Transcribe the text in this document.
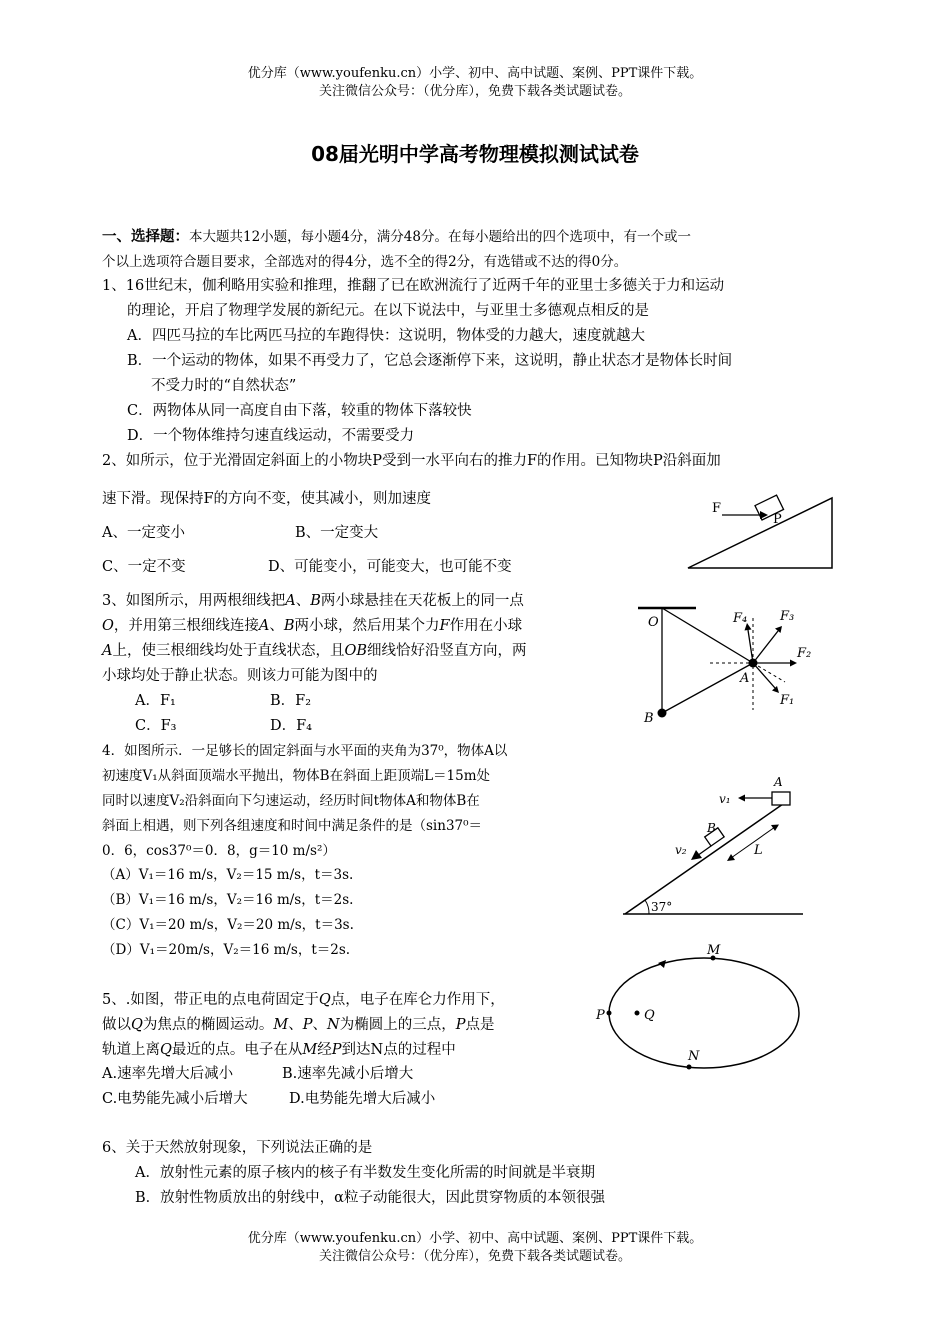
优分库（www.youfenku.cn）小学、初中、高中试题、案例、PPT课件下载。
关注微信公众号：（优分库），免费下载各类试题试卷。
08届光明中学高考物理模拟测试试卷
一、选择题：本大题共12小题，每小题4分，满分48分。在每小题给出的四个选项中，有一个或一
个以上选项符合题目要求，全部选对的得4分，选不全的得2分，有选错或不达的得0分。
1、16世纪末，伽利略用实验和推理，推翻了已在欧洲流行了近两千年的亚里士多德关于力和运动
的理论，开启了物理学发展的新纪元。在以下说法中，与亚里士多德观点相反的是
A．四匹马拉的车比两匹马拉的车跑得快：这说明，物体受的力越大，速度就越大
B．一个运动的物体，如果不再受力了，它总会逐渐停下来，这说明，静止状态才是物体长时间
不受力时的“自然状态”
C．两物体从同一高度自由下落，较重的物体下落较快
D．一个物体维持匀速直线运动，不需要受力
2、如所示，位于光滑固定斜面上的小物块P受到一水平向右的推力F的作用。已知物块P沿斜面加
速下滑。现保持F的方向不变，使其减小，则加速度
A、一定变小	B、一定变大
C、一定不变	D、可能变小，可能变大，也可能不变
P
F
3、如图所示，用两根细线把A、B两小球悬挂在天花板上的同一点
O，并用第三根细线连接A、B两小球，然后用某个力F作用在小球
A上，使三根细线均处于直线状态，且OB细线恰好沿竖直方向，两
小球均处于静止状态。则该力可能为图中的
A．F₁	B．F₂
C．F₃	D．F₄
O
A
B
F₄	F₃
F₂
F₁
4．如图所示．一足够长的固定斜面与水平面的夹角为37⁰，物体A以
初速度V₁从斜面顶端水平抛出，物体B在斜面上距顶端L＝15m处
同时以速度V₂沿斜面向下匀速运动，经历时间t物体A和物体B在
斜面上相遇，则下列各组速度和时间中满足条件的是（sin37⁰＝
0．6，cos37⁰＝0．8，g＝10 m/s²）
（A）V₁＝16 m/s，V₂＝15 m/s，t＝3s.
（B）V₁＝16 m/s，V₂＝16 m/s，t＝2s.
（C）V₁＝20 m/s，V₂＝20 m/s，t＝3s.
（D）V₁＝20m/s，V₂＝16 m/s，t＝2s.
37°
A
v₁
B
v₂	L
5、.如图，带正电的点电荷固定于Q点，电子在库仑力作用下，
做以Q为焦点的椭圆运动。M、P、N为椭圆上的三点，P点是
轨道上离Q最近的点。电子在从M经P到达N点的过程中
A.速率先增大后减小	B.速率先减小后增大
C.电势能先减小后增大	D.电势能先增大后减小
M
P	Q
N
6、关于天然放射现象，下列说法正确的是
A．放射性元素的原子核内的核子有半数发生变化所需的时间就是半衰期
B．放射性物质放出的射线中，α粒子动能很大，因此贯穿物质的本领很强
优分库（www.youfenku.cn）小学、初中、高中试题、案例、PPT课件下载。
关注微信公众号：（优分库），免费下载各类试题试卷。
